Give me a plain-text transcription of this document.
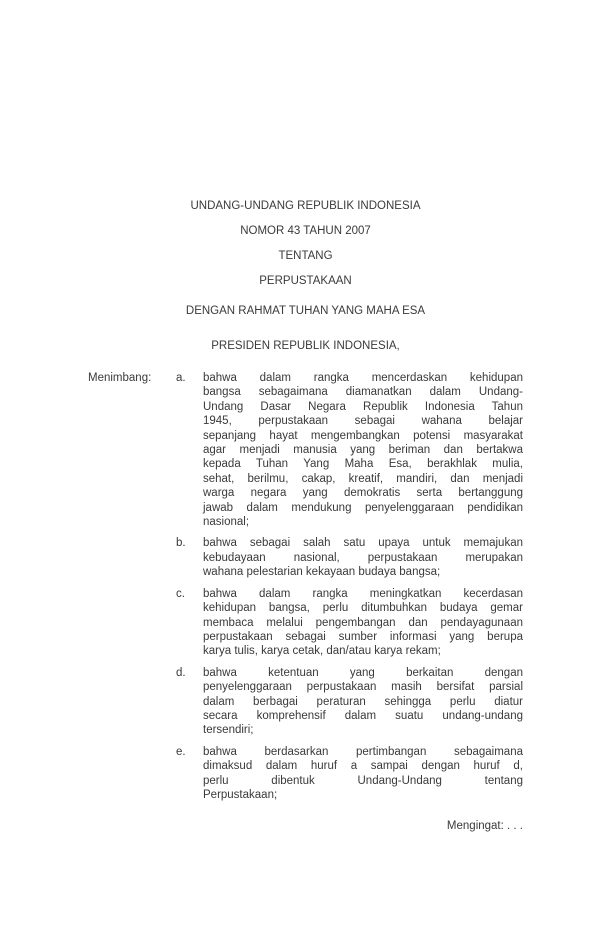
UNDANG-UNDANG REPUBLIK INDONESIA
NOMOR 43 TAHUN 2007
TENTANG
PERPUSTAKAAN
DENGAN RAHMAT TUHAN YANG MAHA ESA
PRESIDEN REPUBLIK INDONESIA,
Menimbang:	a.	bahwa dalam rangka mencerdaskan kehidupan
bangsa sebagaimana diamanatkan dalam Undang-
Undang Dasar Negara Republik Indonesia Tahun
1945, perpustakaan sebagai wahana belajar
sepanjang hayat mengembangkan potensi masyarakat
agar menjadi manusia yang beriman dan bertakwa
kepada Tuhan Yang Maha Esa, berakhlak mulia,
sehat, berilmu, cakap, kreatif, mandiri, dan menjadi
warga negara yang demokratis serta bertanggung
jawab dalam mendukung penyelenggaraan pendidikan
nasional;
b.	bahwa sebagai salah satu upaya untuk memajukan
kebudayaan nasional, perpustakaan merupakan
wahana pelestarian kekayaan budaya bangsa;
c.	bahwa dalam rangka meningkatkan kecerdasan
kehidupan bangsa, perlu ditumbuhkan budaya gemar
membaca melalui pengembangan dan pendayagunaan
perpustakaan sebagai sumber informasi yang berupa
karya tulis, karya cetak, dan/atau karya rekam;
d.	bahwa ketentuan yang berkaitan dengan
penyelenggaraan perpustakaan masih bersifat parsial
dalam berbagai peraturan sehingga perlu diatur
secara komprehensif dalam suatu undang-undang
tersendiri;
e.	bahwa berdasarkan pertimbangan sebagaimana
dimaksud dalam huruf a sampai dengan huruf d,
perlu dibentuk Undang-Undang tentang
Perpustakaan;
Mengingat: . . .
